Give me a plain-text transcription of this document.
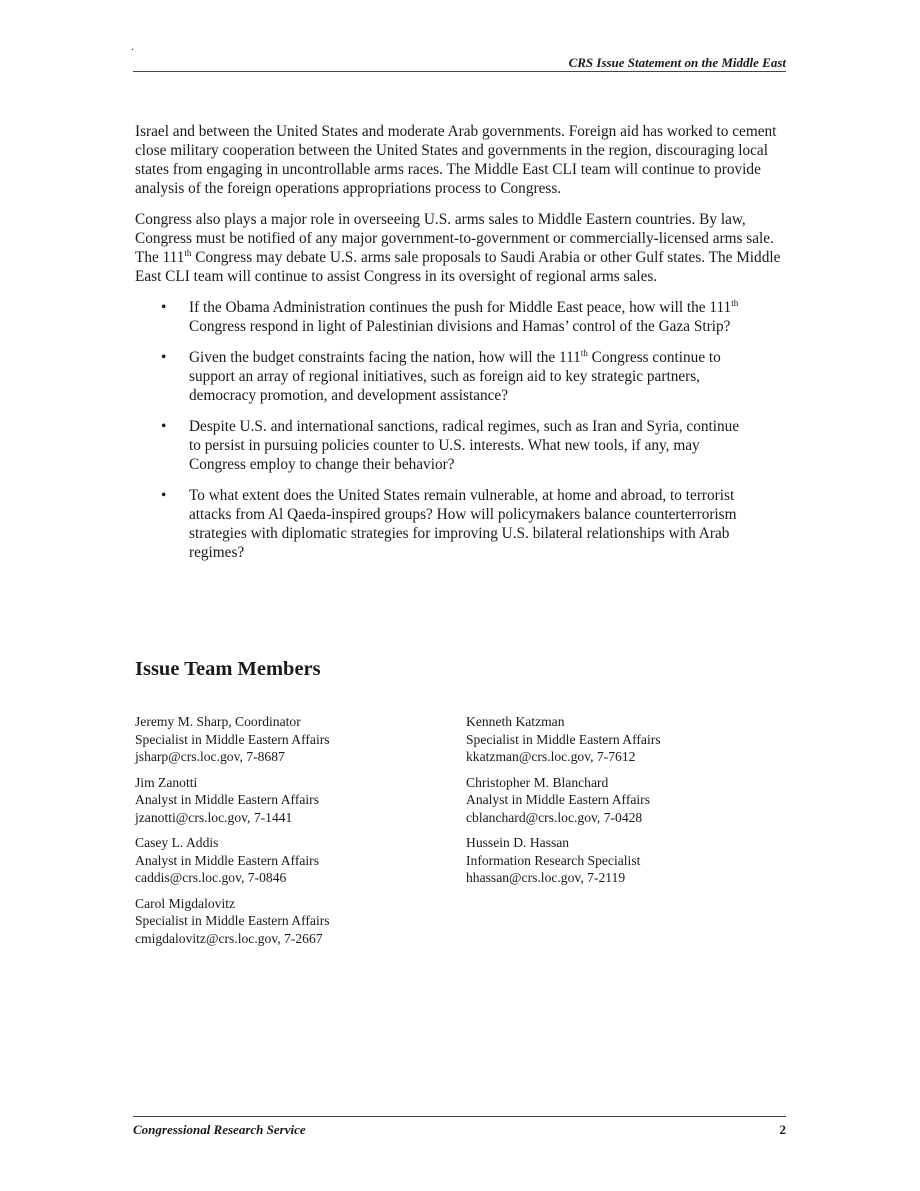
.
CRS Issue Statement on the Middle East

Israel and between the United States and moderate Arab governments. Foreign aid has worked to cement close military cooperation between the United States and governments in the region, discouraging local states from engaging in uncontrollable arms races. The Middle East CLI team will continue to provide analysis of the foreign operations appropriations process to Congress.

Congress also plays a major role in overseeing U.S. arms sales to Middle Eastern countries. By law, Congress must be notified of any major government-to-government or commercially-licensed arms sale. The 111th Congress may debate U.S. arms sale proposals to Saudi Arabia or other Gulf states. The Middle East CLI team will continue to assist Congress in its oversight of regional arms sales.

• If the Obama Administration continues the push for Middle East peace, how will the 111th Congress respond in light of Palestinian divisions and Hamas’ control of the Gaza Strip?
• Given the budget constraints facing the nation, how will the 111th Congress continue to support an array of regional initiatives, such as foreign aid to key strategic partners, democracy promotion, and development assistance?
• Despite U.S. and international sanctions, radical regimes, such as Iran and Syria, continue to persist in pursuing policies counter to U.S. interests. What new tools, if any, may Congress employ to change their behavior?
• To what extent does the United States remain vulnerable, at home and abroad, to terrorist attacks from Al Qaeda-inspired groups? How will policymakers balance counterterrorism strategies with diplomatic strategies for improving U.S. bilateral relationships with Arab regimes?
Issue Team Members
Jeremy M. Sharp, Coordinator
Specialist in Middle Eastern Affairs
jsharp@crs.loc.gov, 7-8687
Jim Zanotti
Analyst in Middle Eastern Affairs
jzanotti@crs.loc.gov, 7-1441
Casey L. Addis
Analyst in Middle Eastern Affairs
caddis@crs.loc.gov, 7-0846
Carol Migdalovitz
Specialist in Middle Eastern Affairs
cmigdalovitz@crs.loc.gov, 7-2667
Kenneth Katzman
Specialist in Middle Eastern Affairs
kkatzman@crs.loc.gov, 7-7612
Christopher M. Blanchard
Analyst in Middle Eastern Affairs
cblanchard@crs.loc.gov, 7-0428
Hussein D. Hassan
Information Research Specialist
hhassan@crs.loc.gov, 7-2119
Congressional Research Service	2
